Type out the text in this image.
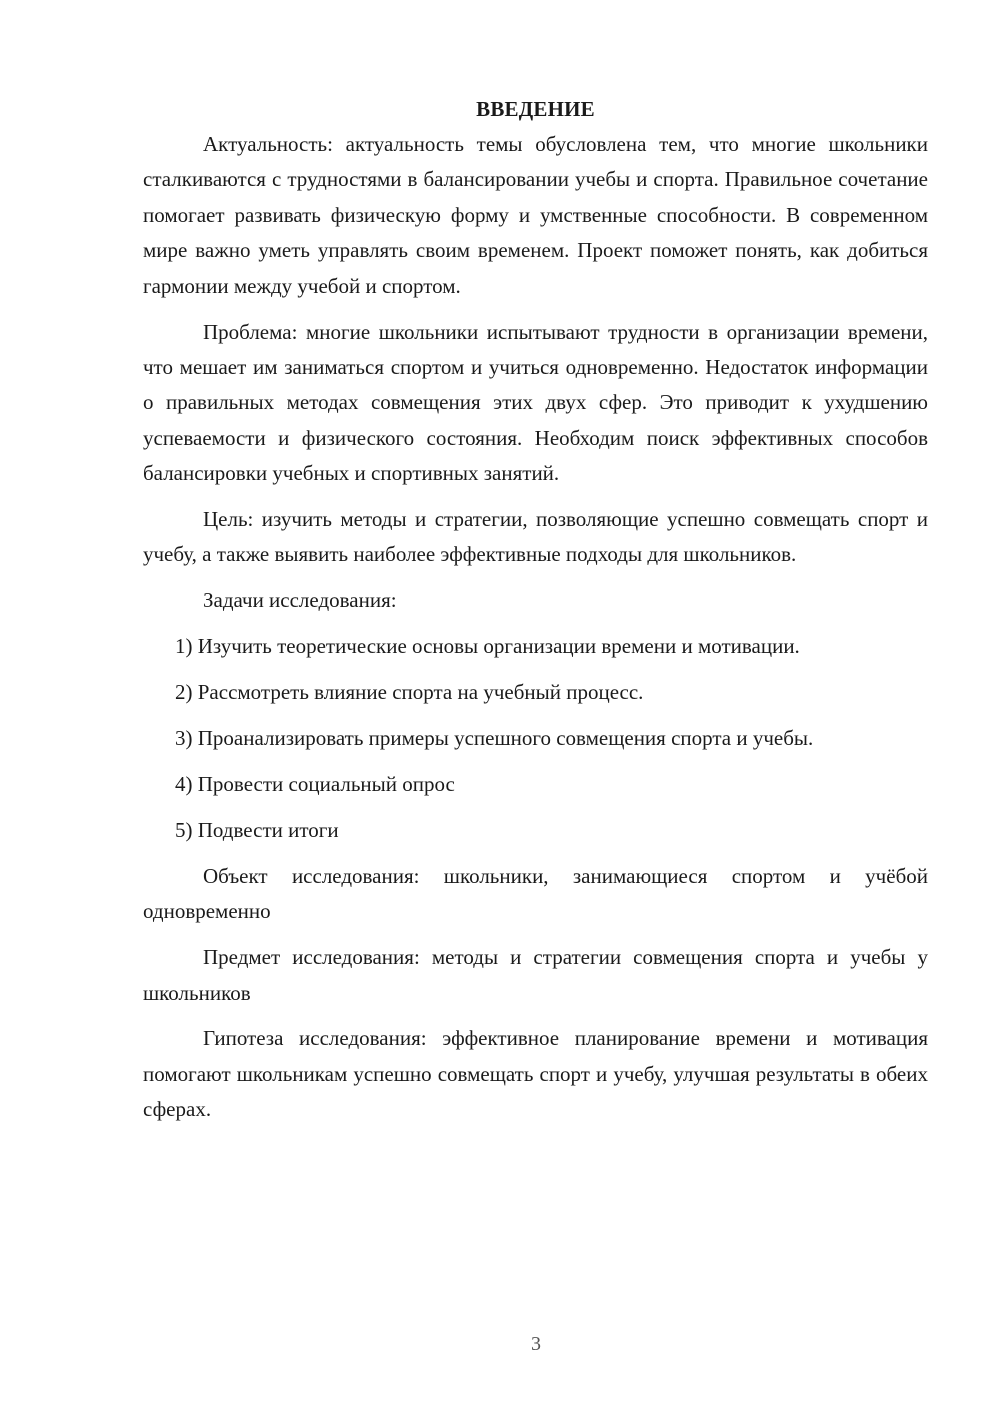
ВВЕДЕНИЕ

Актуальность: актуальность темы обусловлена тем, что многие школьники сталкиваются с трудностями в балансировании учебы и спорта. Правильное сочетание помогает развивать физическую форму и умственные способности. В современном мире важно уметь управлять своим временем. Проект поможет понять, как добиться гармонии между учебой и спортом.

Проблема: многие школьники испытывают трудности в организации времени, что мешает им заниматься спортом и учиться одновременно. Недостаток информации о правильных методах совмещения этих двух сфер. Это приводит к ухудшению успеваемости и физического состояния. Необходим поиск эффективных способов балансировки учебных и спортивных занятий.

Цель: изучить методы и стратегии, позволяющие успешно совмещать спорт и учебу, а также выявить наиболее эффективные подходы для школьников.

Задачи исследования:

1) Изучить теоретические основы организации времени и мотивации.

2) Рассмотреть влияние спорта на учебный процесс.

3) Проанализировать примеры успешного совмещения спорта и учебы.

4) Провести социальный опрос

5) Подвести итоги

Объект исследования: школьники, занимающиеся спортом и учёбой одновременно

Предмет исследования: методы и стратегии совмещения спорта и учебы у школьников

Гипотеза исследования: эффективное планирование времени и мотивация помогают школьникам успешно совмещать спорт и учебу, улучшая результаты в обеих сферах.

3
